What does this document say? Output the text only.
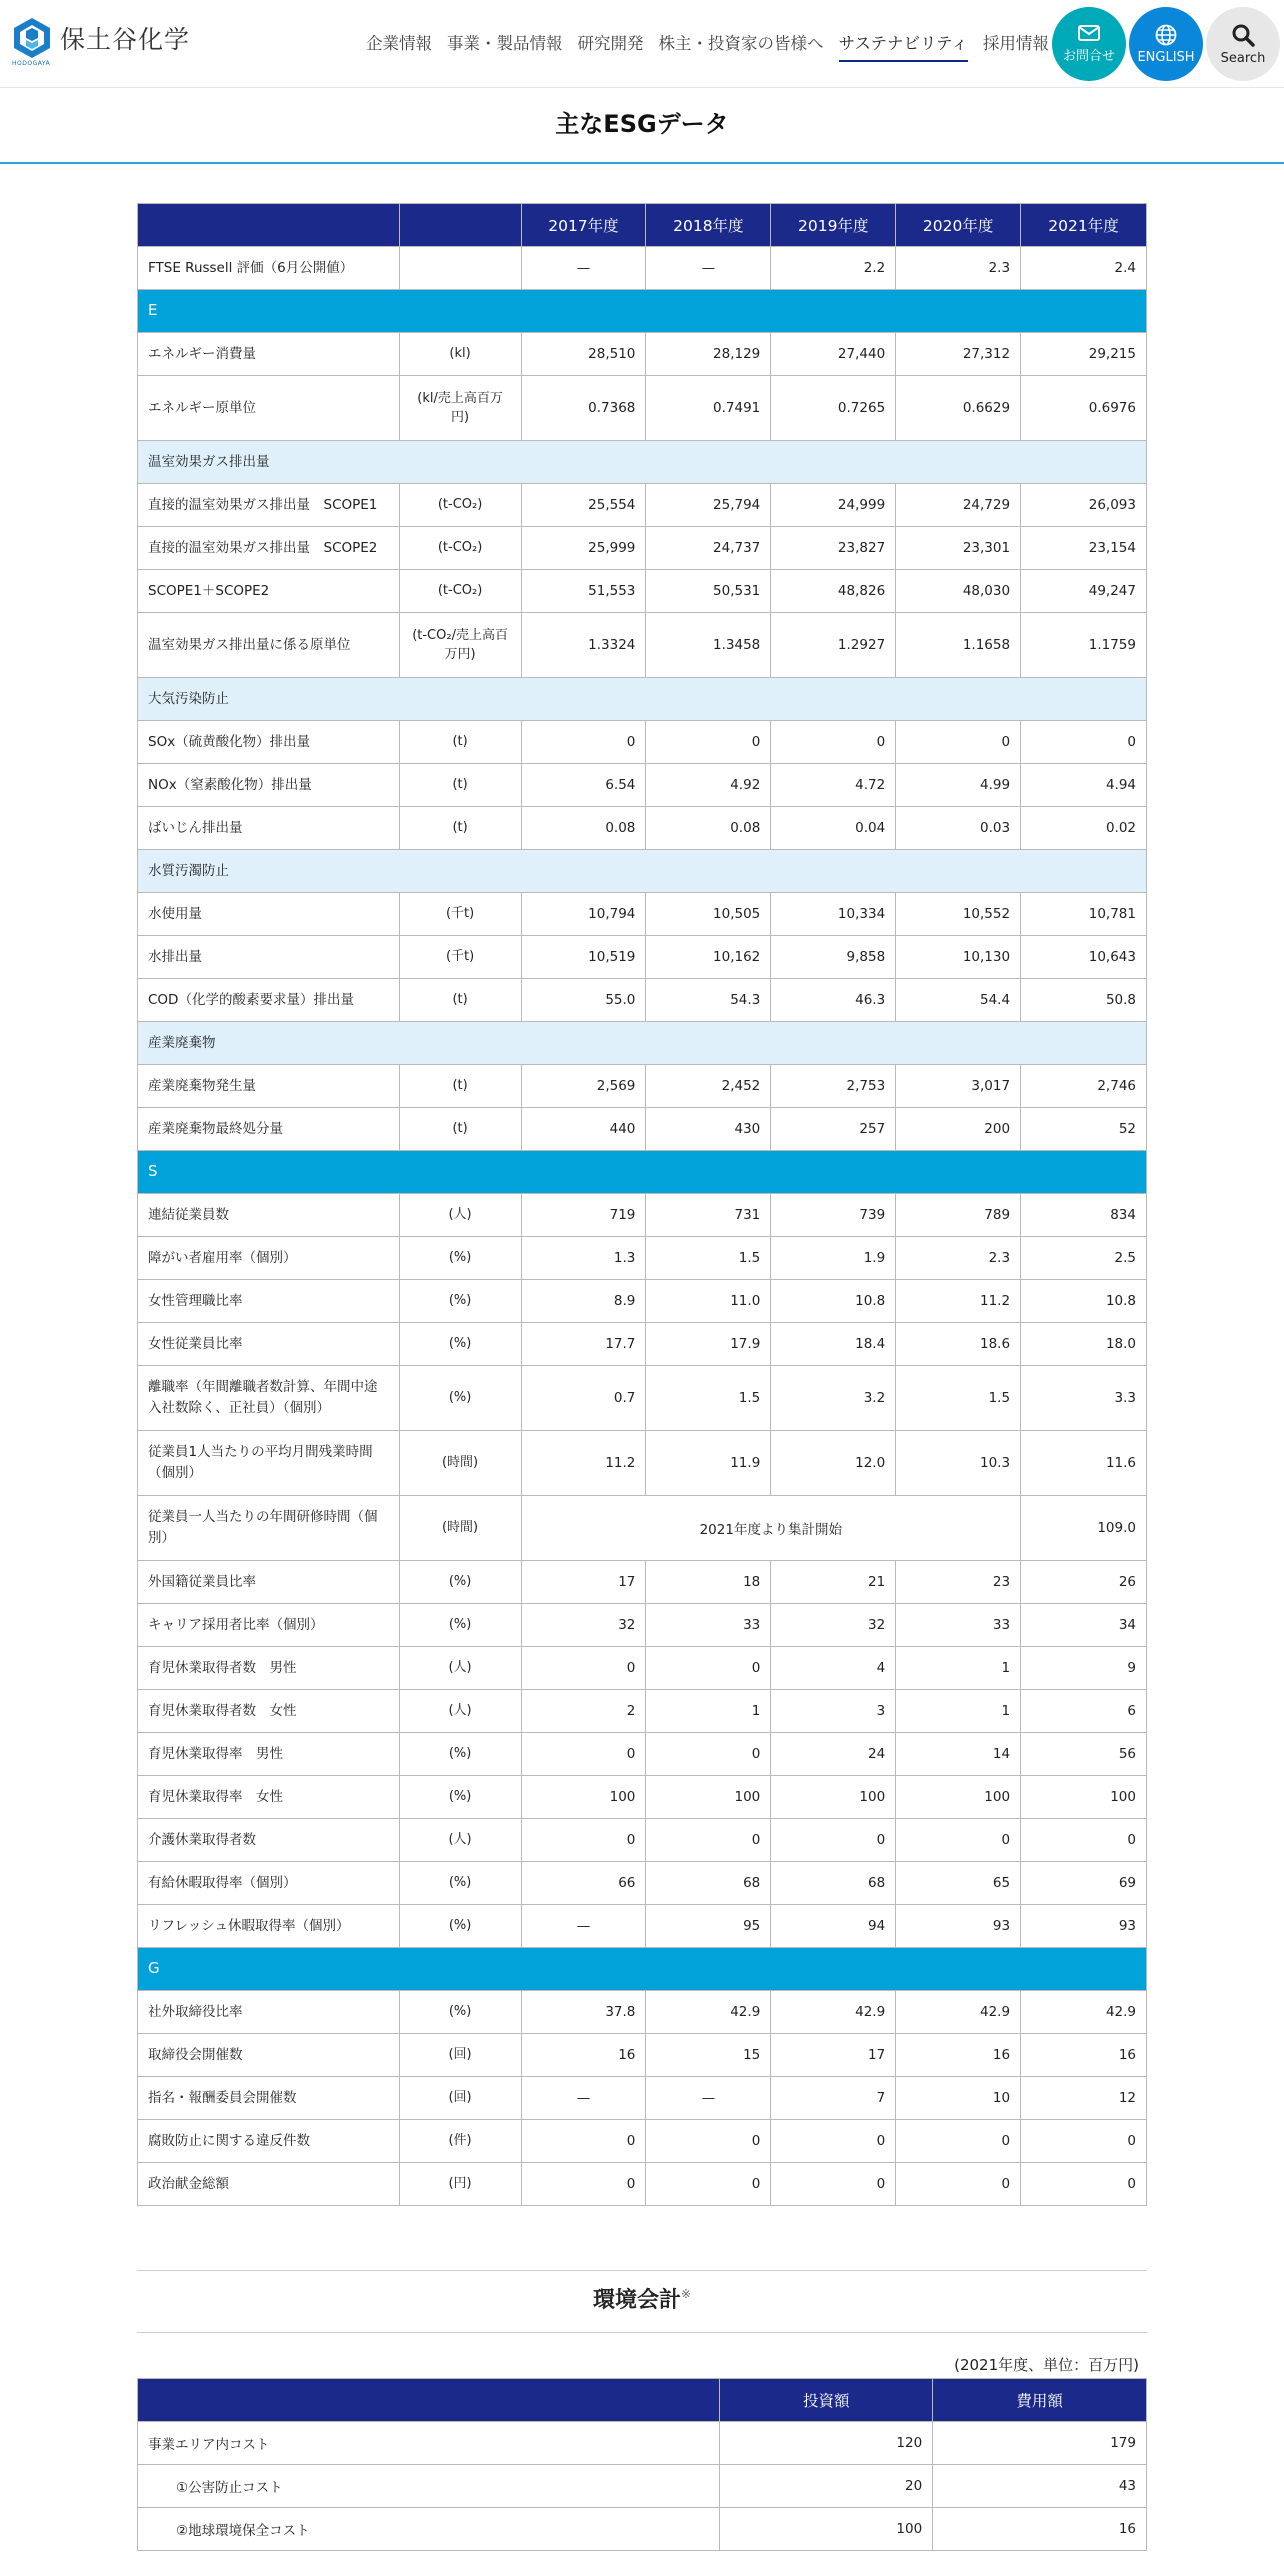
HODOGAYA
保土谷化学	企業情報 事業・製品情報 研究開発 株主・投資家の皆様へ サステナビリティ 採用情報
お問合せ ENGLISH Search
主なESGデータ
		2017年度	2018年度	2019年度	2020年度	2021年度
FTSE Russell 評価（6月公開値）		—	—	2.2	2.3	2.4
E						
エネルギー消費量	(kl)	28,510	28,129	27,440	27,312	29,215
エネルギー原単位	(kl/売上高百万円)	0.7368	0.7491	0.7265	0.6629	0.6976
温室効果ガス排出量						
直接的温室効果ガス排出量　SCOPE1	(t-CO₂)	25,554	25,794	24,999	24,729	26,093
直接的温室効果ガス排出量　SCOPE2	(t-CO₂)	25,999	24,737	23,827	23,301	23,154
SCOPE1＋SCOPE2	(t-CO₂)	51,553	50,531	48,826	48,030	49,247
温室効果ガス排出量に係る原単位	(t-CO₂/売上高百万円)	1.3324	1.3458	1.2927	1.1658	1.1759
大気汚染防止						
SOx（硫黄酸化物）排出量	(t)	0	0	0	0	0
NOx（窒素酸化物）排出量	(t)	6.54	4.92	4.72	4.99	4.94
ばいじん排出量	(t)	0.08	0.08	0.04	0.03	0.02
水質汚濁防止						
水使用量	(千t)	10,794	10,505	10,334	10,552	10,781
水排出量	(千t)	10,519	10,162	9,858	10,130	10,643
COD（化学的酸素要求量）排出量	(t)	55.0	54.3	46.3	54.4	50.8
産業廃棄物						
産業廃棄物発生量	(t)	2,569	2,452	2,753	3,017	2,746
産業廃棄物最終処分量	(t)	440	430	257	200	52
S						
連結従業員数	(人)	719	731	739	789	834
障がい者雇用率（個別）	(%)	1.3	1.5	1.9	2.3	2.5
女性管理職比率	(%)	8.9	11.0	10.8	11.2	10.8
女性従業員比率	(%)	17.7	17.9	18.4	18.6	18.0
離職率（年間離職者数計算、年間中途入社数除く、正社員）（個別）	(%)	0.7	1.5	3.2	1.5	3.3
従業員1人当たりの平均月間残業時間（個別）	(時間)	11.2	11.9	12.0	10.3	11.6
従業員一人当たりの年間研修時間（個別）	(時間)	2021年度より集計開始				109.0
外国籍従業員比率	(%)	17	18	21	23	26
キャリア採用者比率（個別）	(%)	32	33	32	33	34
育児休業取得者数　男性	(人)	0	0	4	1	9
育児休業取得者数　女性	(人)	2	1	3	1	6
育児休業取得率　男性	(%)	0	0	24	14	56
育児休業取得率　女性	(%)	100	100	100	100	100
介護休業取得者数	(人)	0	0	0	0	0
有給休暇取得率（個別）	(%)	66	68	68	65	69
リフレッシュ休暇取得率（個別）	(%)	—	95	94	93	93
G						
社外取締役比率	(%)	37.8	42.9	42.9	42.9	42.9
取締役会開催数	(回)	16	15	17	16	16
指名・報酬委員会開催数	(回)	—	—	7	10	12
腐敗防止に関する違反件数	(件)	0	0	0	0	0
政治献金総額	(円)	0	0	0	0	0
環境会計※
(2021年度、単位：百万円)
	投資額	費用額
事業エリア内コスト	120	179
①公害防止コスト	20	43
②地球環境保全コスト	100	16
